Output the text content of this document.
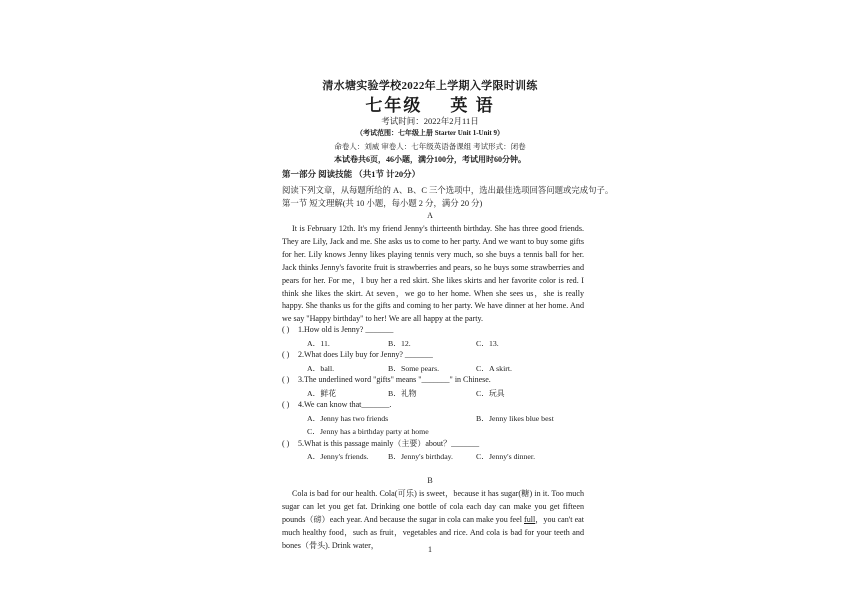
清水塘实验学校2022年上学期入学限时训练
七年级 英 语
考试时间：2022年2月11日
（考试范围：七年级上册 Starter Unit 1-Unit 9）
命卷人：刘威 审卷人：七年级英语备课组 考试形式：闭卷
本试卷共6页，46小题，满分100分，考试用时60分钟。
第一部分 阅读技能 （共1节 计20分）
阅读下列文章，从每题所给的 A、B、C 三个选项中，选出最佳选项回答问题或完成句子。
第一节 短文理解(共 10 小题，每小题 2 分，满分 20 分)
A

It is February 12th. It's my friend Jenny's thirteenth birthday. She has three good friends. They are Lily, Jack and me. She asks us to come to her party. And we want to buy some gifts for her. Lily knows Jenny likes playing tennis very much, so she buys a tennis ball for her. Jack thinks Jenny's favorite fruit is strawberries and pears, so he buys some strawberries and pears for her. For me，I buy her a red skirt. She likes skirts and her favorite color is red. I think she likes the skirt. At seven，we go to her home. When she sees us，she is really happy. She thanks us for the gifts and coming to her party. We have dinner at her home. And we say "Happy birthday" to her! We are all happy at the party.

( ) 1.How old is Jenny? _______
A．11.	B．12.	C．13.
( ) 2.What does Lily buy for Jenny? _______
A．ball.	B．Some pears.	C．A skirt.
( ) 3.The underlined word "gifts" means "_______" in Chinese.
A．鲜花	B．礼物	C．玩具
( ) 4.We can know that_______.
A．Jenny has two friends	B．Jenny likes blue best
C．Jenny has a birthday party at home
( ) 5.What is this passage mainly（主要）about？_______
A．Jenny's friends. B．Jenny's birthday.	C．Jenny's dinner.
B

Cola is bad for our health. Cola(可乐) is sweet，because it has sugar(糖) in it. Too much sugar can let you get fat. Drinking one bottle of cola each day can make you get fifteen pounds（磅）each year. And because the sugar in cola can make you feel full，you can't eat much healthy food，such as fruit，vegetables and rice. And cola is bad for your teeth and bones（骨头). Drink water，	1
